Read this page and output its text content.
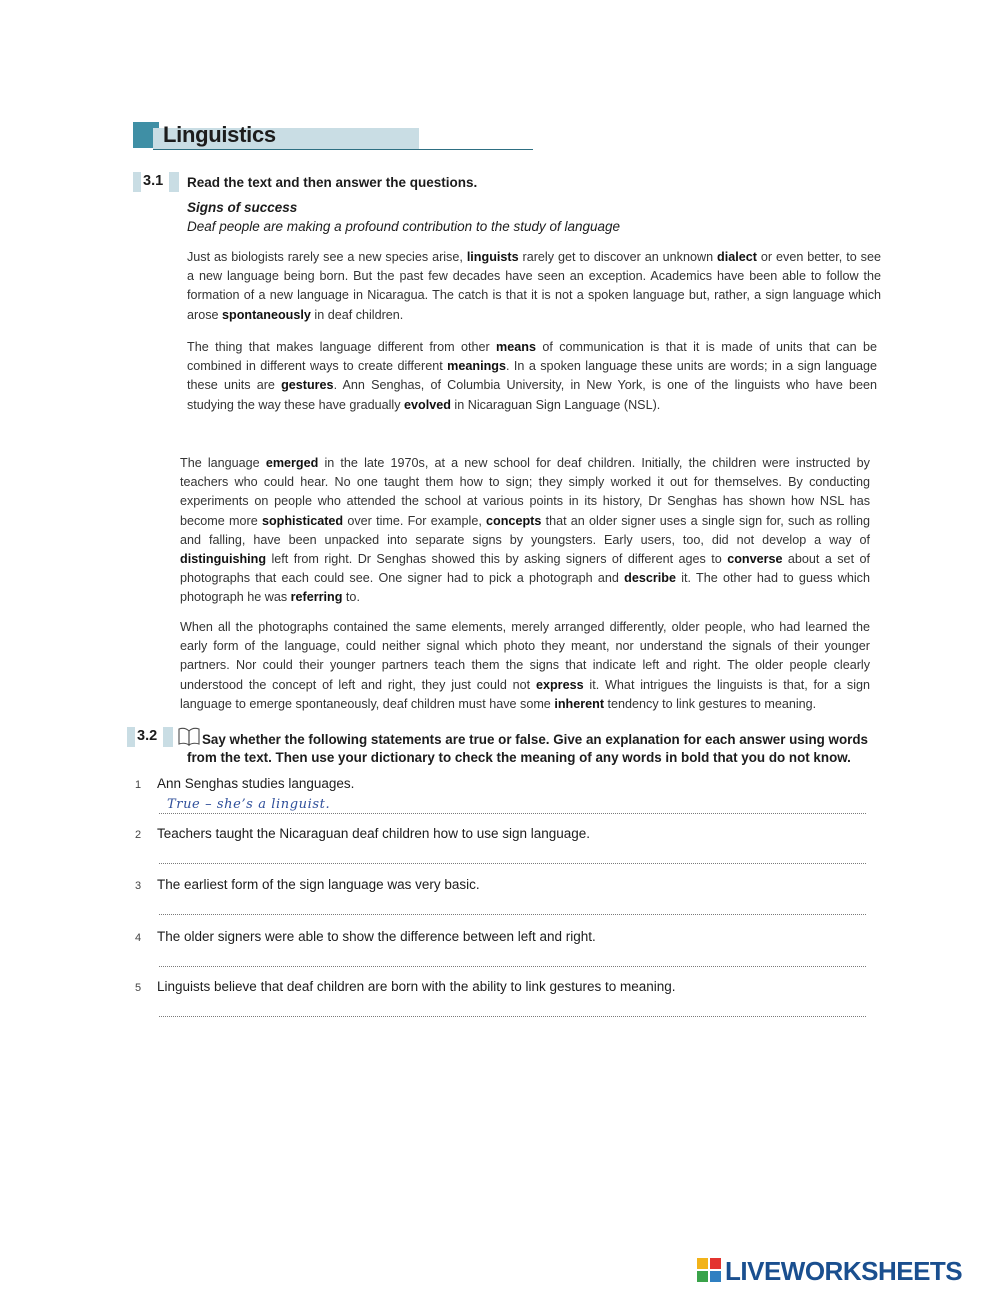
Linguistics
3.1 Read the text and then answer the questions.
Signs of success
Deaf people are making a profound contribution to the study of language
Just as biologists rarely see a new species arise, linguists rarely get to discover an unknown dialect or even better, to see a new language being born. But the past few decades have seen an exception. Academics have been able to follow the formation of a new language in Nicaragua. The catch is that it is not a spoken language but, rather, a sign language which arose spontaneously in deaf children.
The thing that makes language different from other means of communication is that it is made of units that can be combined in different ways to create different meanings. In a spoken language these units are words; in a sign language these units are gestures. Ann Senghas, of Columbia University, in New York, is one of the linguists who have been studying the way these have gradually evolved in Nicaraguan Sign Language (NSL).
The language emerged in the late 1970s, at a new school for deaf children. Initially, the children were instructed by teachers who could hear. No one taught them how to sign; they simply worked it out for themselves. By conducting experiments on people who attended the school at various points in its history, Dr Senghas has shown how NSL has become more sophisticated over time. For example, concepts that an older signer uses a single sign for, such as rolling and falling, have been unpacked into separate signs by youngsters. Early users, too, did not develop a way of distinguishing left from right. Dr Senghas showed this by asking signers of different ages to converse about a set of photographs that each could see. One signer had to pick a photograph and describe it. The other had to guess which photograph he was referring to.
When all the photographs contained the same elements, merely arranged differently, older people, who had learned the early form of the language, could neither signal which photo they meant, nor understand the signals of their younger partners. Nor could their younger partners teach them the signs that indicate left and right. The older people clearly understood the concept of left and right, they just could not express it. What intrigues the linguists is that, for a sign language to emerge spontaneously, deaf children must have some inherent tendency to link gestures to meaning.
3.2	Say whether the following statements are true or false. Give an explanation for each answer using words
from the text. Then use your dictionary to check the meaning of any words in bold that you do not know.
1	Ann Senghas studies languages.
True – she’s a linguist.
2	Teachers taught the Nicaraguan deaf children how to use sign language.
3	The earliest form of the sign language was very basic.
4	The older signers were able to show the difference between left and right.
5	Linguists believe that deaf children are born with the ability to link gestures to meaning.
LIVEWORKSHEETS
